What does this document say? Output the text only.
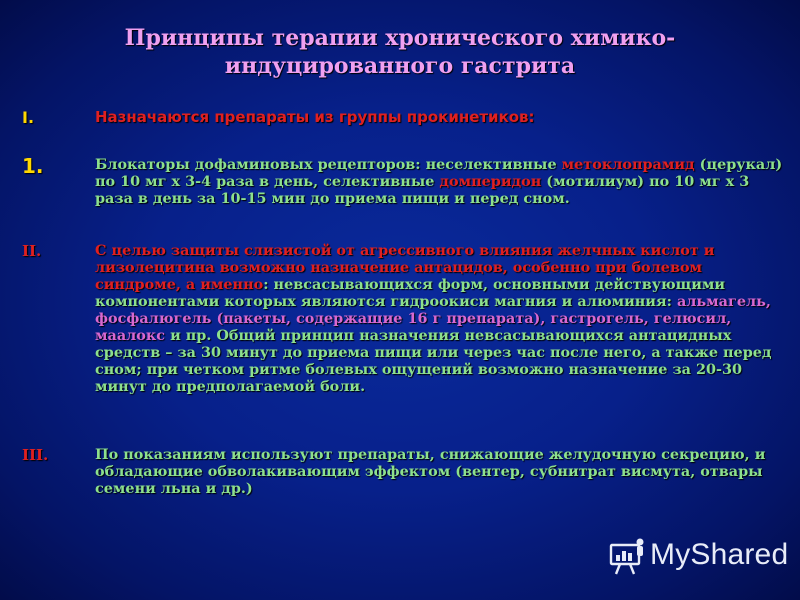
Принципы терапии хронического химико-
индуцированного гастрита
I.	Назначаются препараты из группы прокинетиков:
1.	Блокаторы дофаминовых рецепторов: неселективные метоклопрамид (церукал) по 10 мг х 3-4 раза в день, селективные домперидон (мотилиум) по 10 мг х 3 раза в день за 10-15 мин до приема пищи и перед сном.
II.	С целью защиты слизистой от агрессивного влияния желчных кислот и лизолецитина возможно назначение антацидов, особенно при болевом синдроме, а именно: невсасывающихся форм, основными действующими компонентами которых являются гидроокиси магния и алюминия: альмагель, фосфалюгель (пакеты, содержащие 16 г препарата), гастрогель, гелюсил, маалокс и пр. Общий принцип назначения невсасывающихся антацидных средств – за 30 минут до приема пищи или через час после него, а также перед сном; при четком ритме болевых ощущений возможно назначение за 20-30 минут до предполагаемой боли.
III.	По показаниям используют препараты, снижающие желудочную секрецию, и обладающие обволакивающим эффектом (вентер, субнитрат висмута, отвары семени льна и др.)
MyShared
